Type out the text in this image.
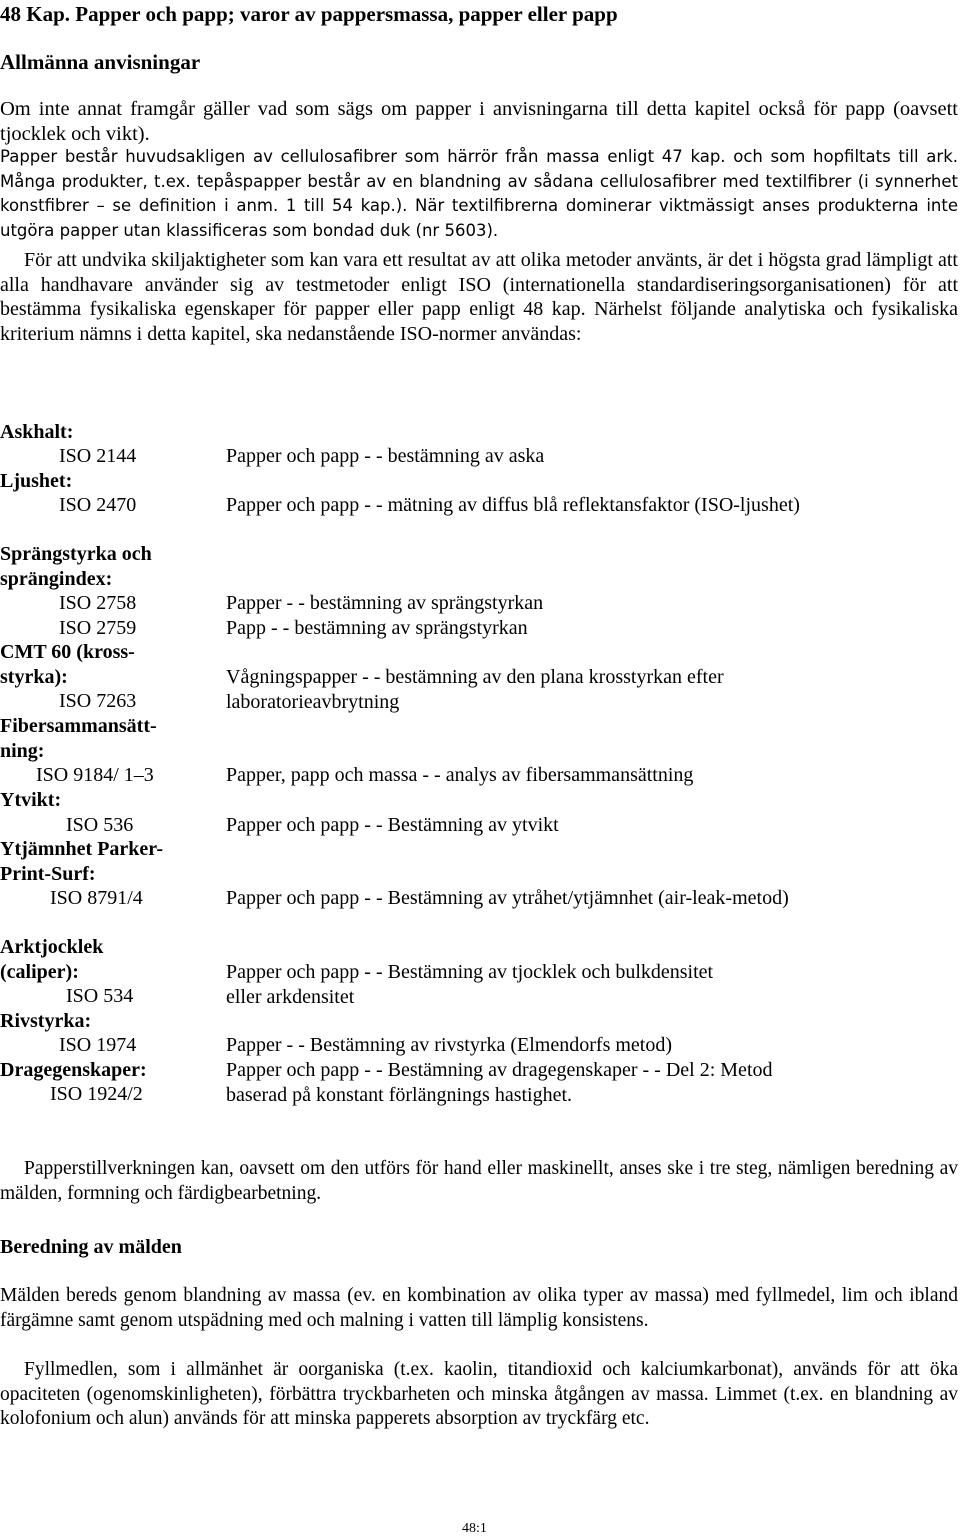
48 Kap. Papper och papp; varor av pappersmassa, papper eller papp
Allmänna anvisningar
Om inte annat framgår gäller vad som sägs om papper i anvisningarna till detta kapitel också för papp (oavsett tjocklek och vikt).
Papper består huvudsakligen av cellulosafibrer som härrör från massa enligt 47 kap. och som hopfiltats till ark. Många produkter, t.ex. tepåspapper består av en blandning av sådana cellulosafibrer med textilfibrer (i synnerhet konstfibrer – se definition i anm. 1 till 54 kap.). När textilfibrerna dominerar viktmässigt anses produkterna inte utgöra papper utan klassificeras som bondad duk (nr 5603).
För att undvika skiljaktigheter som kan vara ett resultat av att olika metoder använts, är det i högsta grad lämpligt att alla handhavare använder sig av testmetoder enligt ISO (internationella standardiseringsorganisationen) för att bestämma fysikaliska egenskaper för papper eller papp enligt 48 kap. Närhelst följande analytiska och fysikaliska kriterium nämns i detta kapitel, ska nedanstående ISO-normer användas:
Askhalt:
Ljushet:
Sprängstyrka och
sprängindex:
CMT 60 (kross-
styrka):
Fibersammansätt-
ning:
Ytvikt:
Ytjämnhet Parker-
Print-Surf:
Arktjocklek
(caliper):
Rivstyrka:
Dragegenskaper:
ISO 2144
ISO 2470
ISO 2758
ISO 2759
ISO 7263
ISO 9184/ 1–3
ISO 536
ISO 8791/4
ISO 534
ISO 1974
ISO 1924/2
Papper och papp - - bestämning av aska
Papper och papp - - mätning av diffus blå reflektansfaktor (ISO-ljushet)
Papper - - bestämning av sprängstyrkan
Papp - - bestämning av sprängstyrkan
Vågningspapper - - bestämning av den plana krosstyrkan efter laboratorieavbrytning
Papper, papp och massa - - analys av fibersammansättning
Papper och papp - - Bestämning av ytvikt
Papper och papp - - Bestämning av ytråhet/ytjämnhet (air-leak-metod)
Papper och papp - - Bestämning av tjocklek och bulkdensitet eller arkdensitet
Papper - - Bestämning av rivstyrka (Elmendorfs metod)
Papper och papp - - Bestämning av dragegenskaper - - Del 2: Metod baserad på konstant förlängnings hastighet.
Papperstillverkningen kan, oavsett om den utförs för hand eller maskinellt, anses ske i tre steg, nämligen beredning av mälden, formning och färdigbearbetning.
Beredning av mälden
Mälden bereds genom blandning av massa (ev. en kombination av olika typer av massa) med fyllmedel, lim och ibland färgämne samt genom utspädning med och malning i vatten till lämplig konsistens.
Fyllmedlen, som i allmänhet är oorganiska (t.ex. kaolin, titandioxid och kalciumkarbonat), används för att öka opaciteten (ogenomskinligheten), förbättra tryckbarheten och minska åtgången av massa. Limmet (t.ex. en blandning av kolofonium och alun) används för att minska papperets absorption av tryckfärg etc.
48:1
